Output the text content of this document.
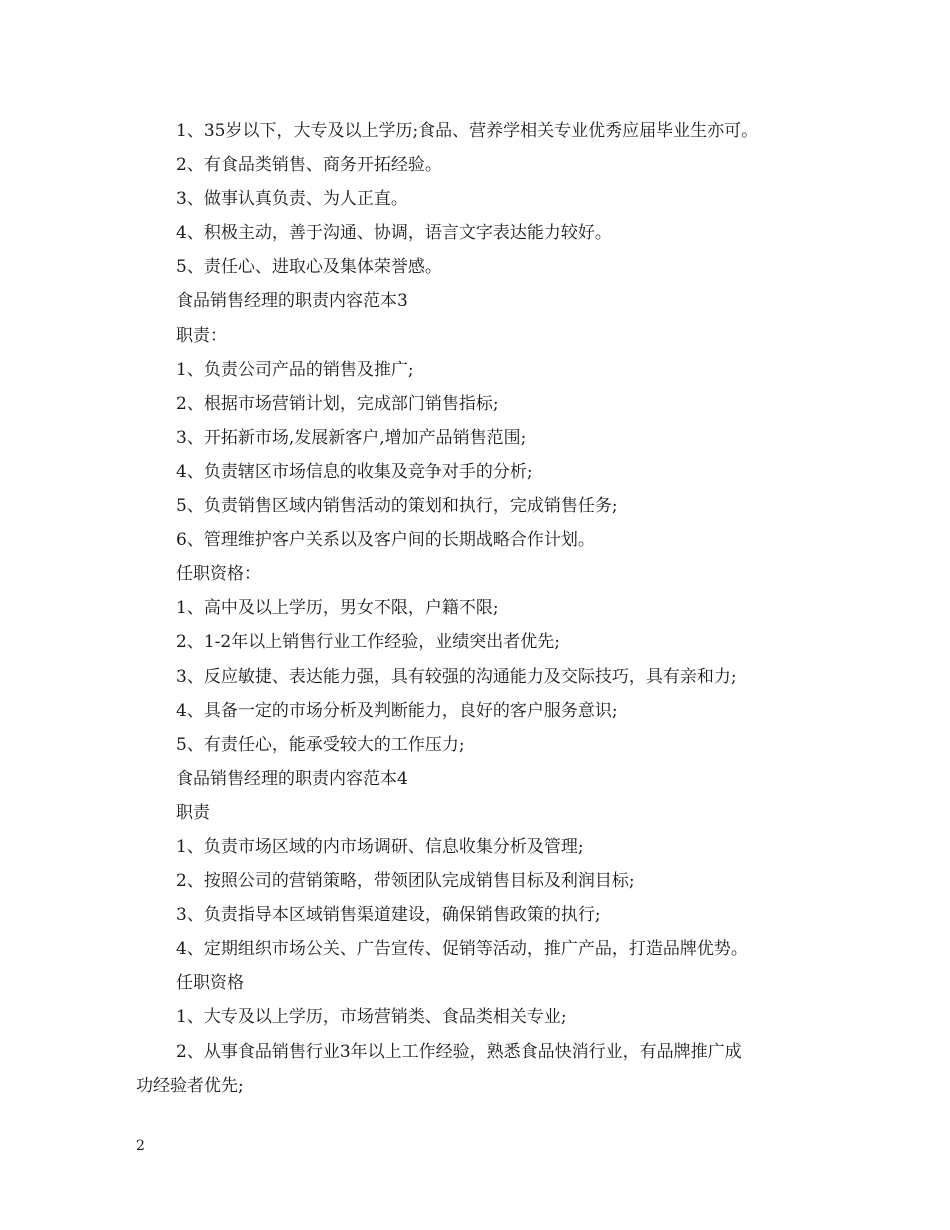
1、35岁以下，大专及以上学历;食品、营养学相关专业优秀应届毕业生亦可。
2、有食品类销售、商务开拓经验。
3、做事认真负责、为人正直。
4、积极主动，善于沟通、协调，语言文字表达能力较好。
5、责任心、进取心及集体荣誉感。
食品销售经理的职责内容范本3
职责：
1、负责公司产品的销售及推广;
2、根据市场营销计划，完成部门销售指标;
3、开拓新市场,发展新客户,增加产品销售范围;
4、负责辖区市场信息的收集及竞争对手的分析;
5、负责销售区域内销售活动的策划和执行，完成销售任务;
6、管理维护客户关系以及客户间的长期战略合作计划。
任职资格：
1、高中及以上学历，男女不限，户籍不限;
2、1-2年以上销售行业工作经验，业绩突出者优先;
3、反应敏捷、表达能力强，具有较强的沟通能力及交际技巧，具有亲和力;
4、具备一定的市场分析及判断能力，良好的客户服务意识;
5、有责任心，能承受较大的工作压力;
食品销售经理的职责内容范本4
职责
1、负责市场区域的内市场调研、信息收集分析及管理;
2、按照公司的营销策略，带领团队完成销售目标及利润目标;
3、负责指导本区域销售渠道建设，确保销售政策的执行;
4、定期组织市场公关、广告宣传、促销等活动，推广产品，打造品牌优势。
任职资格
1、大专及以上学历，市场营销类、食品类相关专业;
2、从事食品销售行业3年以上工作经验，熟悉食品快消行业，有品牌推广成
功经验者优先;
2
